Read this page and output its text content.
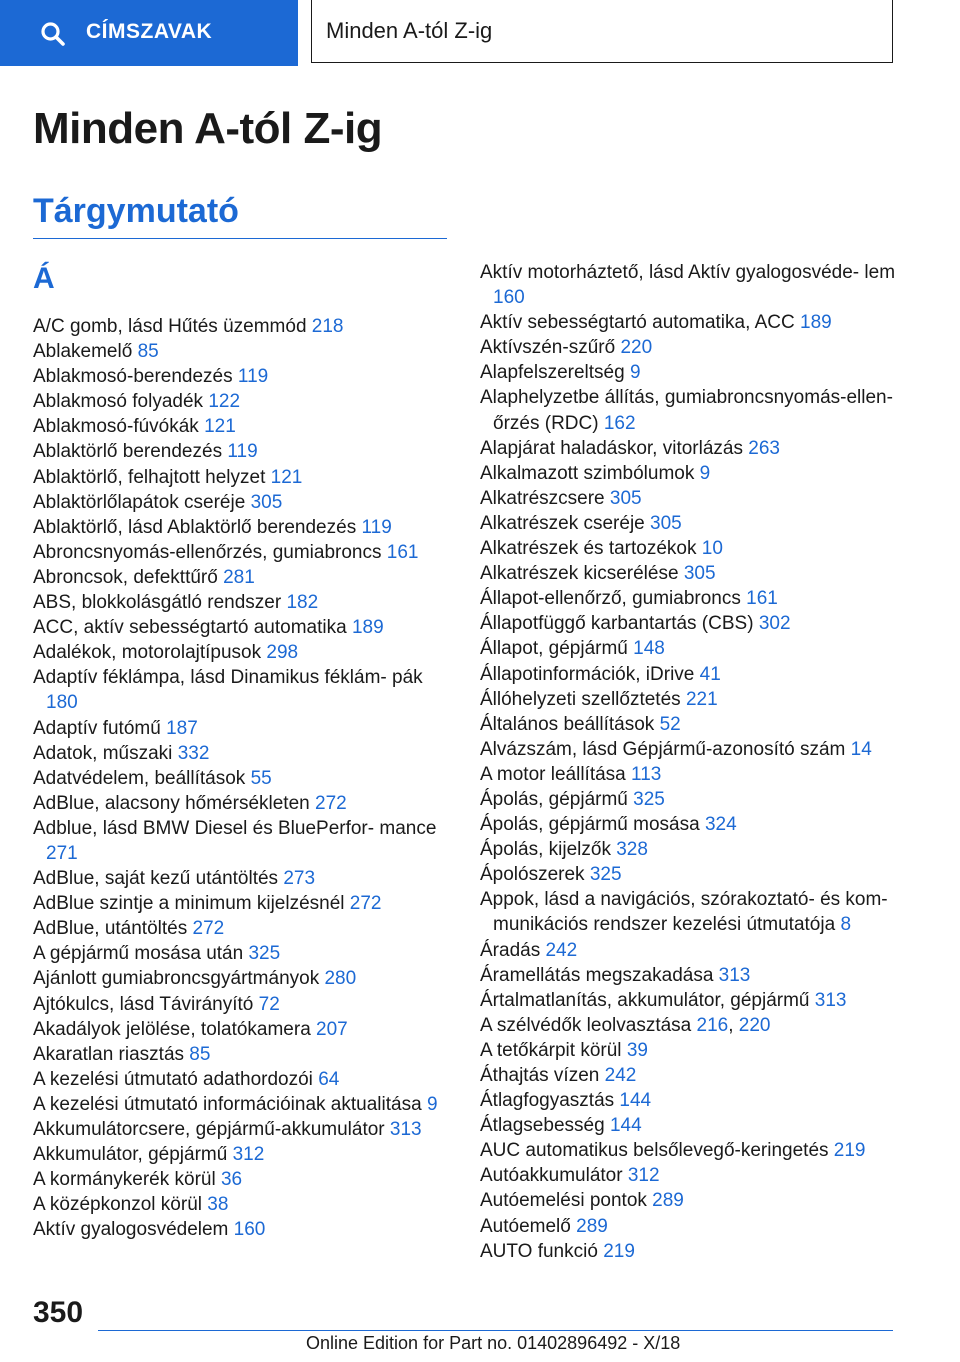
CÍMSZAVAK	Minden A-tól Z-ig
Minden A-tól Z-ig
Tárgymutató
Á
A/C gomb, lásd Hűtés üzemmód 218
Ablakemelő 85
Ablakmosó-berendezés 119
Ablakmosó folyadék 122
Ablakmosó-fúvókák 121
Ablaktörlő berendezés 119
Ablaktörlő, felhajtott helyzet 121
Ablaktörlőlapátok cseréje 305
Ablaktörlő, lásd Ablaktörlő berendezés 119
Abroncsnyomás-ellenőrzés, gumiabroncs 161
Abroncsok, defekttűrő 281
ABS, blokkolásgátló rendszer 182
ACC, aktív sebességtartó automatika 189
Adalékok, motorolajtípusok 298
Adaptív féklámpa, lásd Dinamikus féklám‐ pák 180
Adaptív futómű 187
Adatok, műszaki 332
Adatvédelem, beállítások 55
AdBlue, alacsony hőmérsékleten 272
Adblue, lásd BMW Diesel és BluePerfor‐ mance 271
AdBlue, saját kezű utántöltés 273
AdBlue szintje a minimum kijelzésnél 272
AdBlue, utántöltés 272
A gépjármű mosása után 325
Ajánlott gumiabroncsgyártmányok 280
Ajtókulcs, lásd Távirányító 72
Akadályok jelölése, tolatókamera 207
Akaratlan riasztás 85
A kezelési útmutató adathordozói 64
A kezelési útmutató információinak aktualitása 9
Akkumulátorcsere, gépjármű-akkumulátor 313
Akkumulátor, gépjármű 312
A kormánykerék körül 36
A középkonzol körül 38
Aktív gyalogosvédelem 160
Aktív motorháztető, lásd Aktív gyalogosvéde‐ lem 160
Aktív sebességtartó automatika, ACC 189
Aktívszén-szűrő 220
Alapfelszereltség 9
Alaphelyzetbe állítás, gumiabroncsnyomás-ellen‐ őrzés (RDC) 162
Alapjárat haladáskor, vitorlázás 263
Alkalmazott szimbólumok 9
Alkatrészcsere 305
Alkatrészek cseréje 305
Alkatrészek és tartozékok 10
Alkatrészek kicserélése 305
Állapot-ellenőrző, gumiabroncs 161
Állapotfüggő karbantartás (CBS) 302
Állapot, gépjármű 148
Állapotinformációk, iDrive 41
Állóhelyzeti szellőztetés 221
Általános beállítások 52
Alvázszám, lásd Gépjármű-azonosító szám 14
A motor leállítása 113
Ápolás, gépjármű 325
Ápolás, gépjármű mosása 324
Ápolás, kijelzők 328
Ápolószerek 325
Appok, lásd a navigációs, szórakoztató- és kom‐ munikációs rendszer kezelési útmutatója 8
Áradás 242
Áramellátás megszakadása 313
Ártalmatlanítás, akkumulátor, gépjármű 313
A szélvédők leolvasztása 216, 220
A tetőkárpit körül 39
Áthajtás vízen 242
Átlagfogyasztás 144
Átlagsebesség 144
AUC automatikus belsőlevegő-keringetés 219
Autóakkumulátor 312
Autóemelési pontok 289
Autóemelő 289
AUTO funkció 219
350
Online Edition for Part no. 01402896492 - X/18
